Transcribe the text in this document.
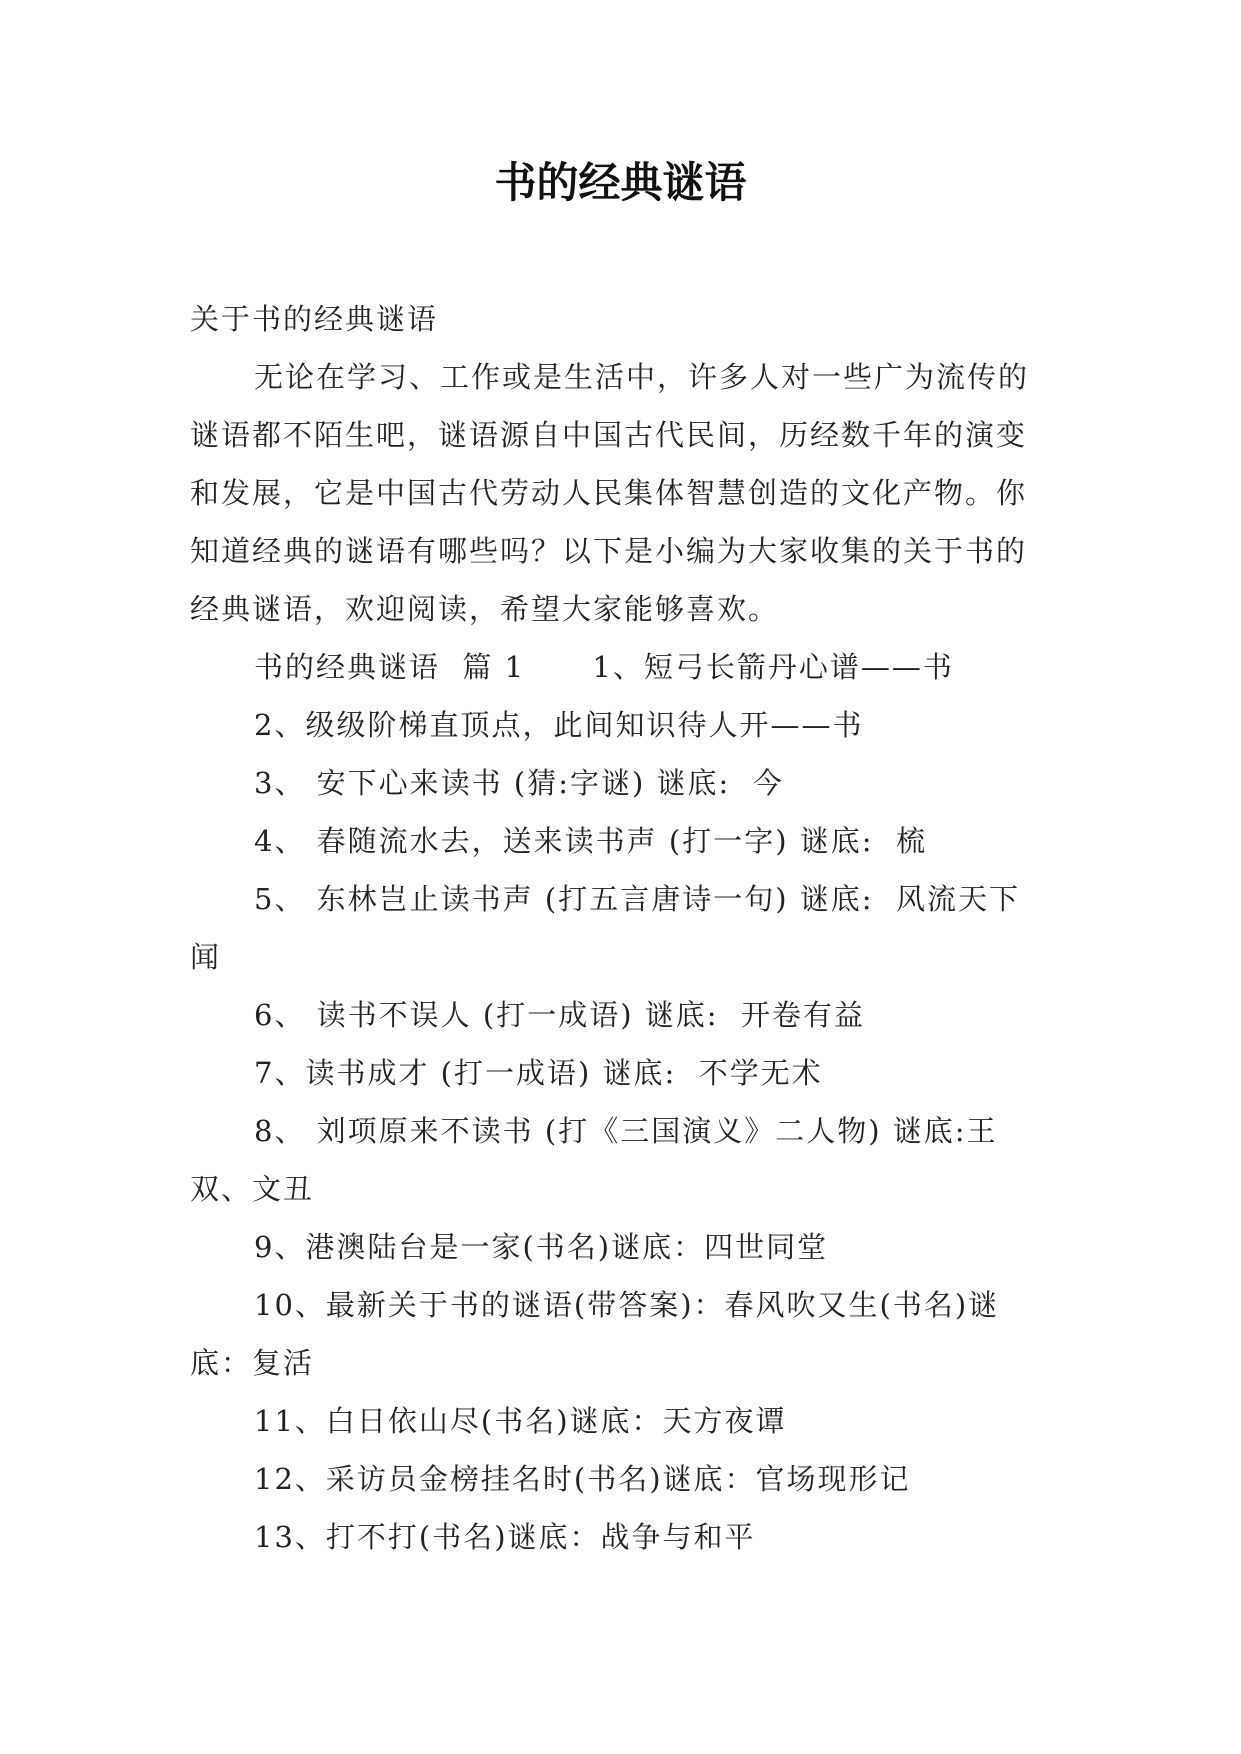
书的经典谜语

关于书的经典谜语

无论在学习、工作或是生活中，许多人对一些广为流传的谜语都不陌生吧，谜语源自中国古代民间，历经数千年的演变和发展，它是中国古代劳动人民集体智慧创造的文化产物。你知道经典的谜语有哪些吗？以下是小编为大家收集的关于书的经典谜语，欢迎阅读，希望大家能够喜欢。

书的经典谜语  篇 1      1、短弓长箭丹心谱——书

2、级级阶梯直顶点，此间知识待人开——书

3、 安下心来读书 (猜:字谜) 谜底:  今

4、 春随流水去，送来读书声 (打一字) 谜底:  梳

5、 东林岂止读书声 (打五言唐诗一句) 谜底:  风流天下闻

6、 读书不误人 (打一成语) 谜底:  开卷有益

7、读书成才 (打一成语) 谜底:  不学无术

8、 刘项原来不读书 (打《三国演义》二人物) 谜底:王双、文丑

9、港澳陆台是一家(书名)谜底：四世同堂

10、最新关于书的谜语(带答案)：春风吹又生(书名)谜底：复活

11、白日依山尽(书名)谜底：天方夜谭

12、采访员金榜挂名时(书名)谜底：官场现形记

13、打不打(书名)谜底：战争与和平
